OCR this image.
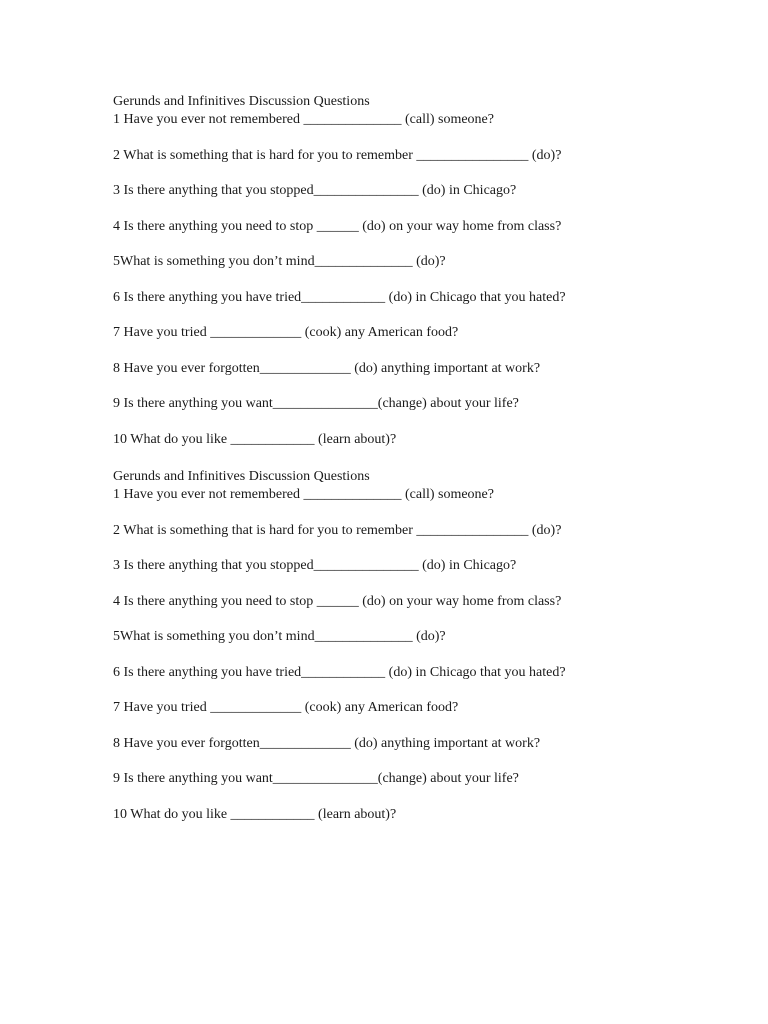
Gerunds and Infinitives Discussion Questions
1 Have you ever not remembered ______________ (call) someone?
2 What is something that is hard for you to remember ________________ (do)?
3 Is there anything that you stopped_______________ (do) in Chicago?
4 Is there anything you need to stop ______ (do) on your way home from class?
5What is something you don’t mind______________ (do)?
6 Is there anything you have tried____________ (do) in Chicago that you hated?
7 Have you tried _____________ (cook) any American food?
8 Have you ever forgotten_____________ (do) anything important at work?
9 Is there anything you want_______________(change) about your life?
10 What do you like ____________ (learn about)?
Gerunds and Infinitives Discussion Questions
1 Have you ever not remembered ______________ (call) someone?
2 What is something that is hard for you to remember ________________ (do)?
3 Is there anything that you stopped_______________ (do) in Chicago?
4 Is there anything you need to stop ______ (do) on your way home from class?
5What is something you don’t mind______________ (do)?
6 Is there anything you have tried____________ (do) in Chicago that you hated?
7 Have you tried _____________ (cook) any American food?
8 Have you ever forgotten_____________ (do) anything important at work?
9 Is there anything you want_______________(change) about your life?
10 What do you like ____________ (learn about)?
